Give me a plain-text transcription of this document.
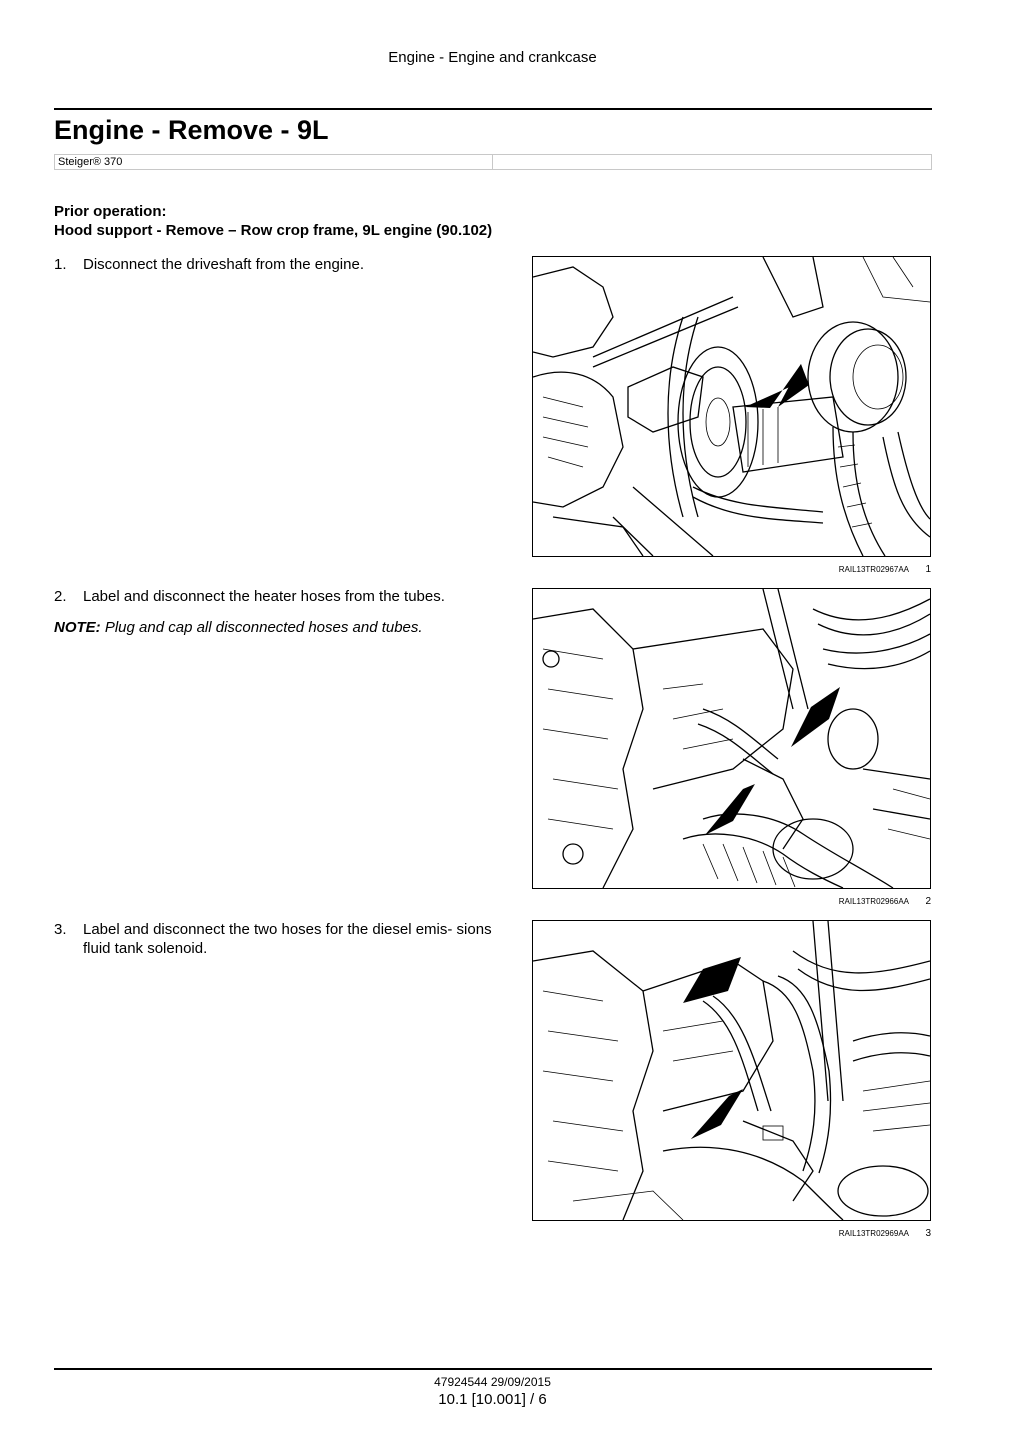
Engine - Engine and crankcase
Engine - Remove - 9L
Steiger® 370
Prior operation:
Hood support - Remove – Row crop frame, 9L engine (90.102)
1.	Disconnect the driveshaft from the engine.
RAIL13TR02967AA 1
2.	Label and disconnect the heater hoses from the tubes.
NOTE: Plug and cap all disconnected hoses and tubes.
RAIL13TR02966AA 2
3.	Label and disconnect the two hoses for the diesel emis- sions fluid tank solenoid.
RAIL13TR02969AA 3
47924544 29/09/2015
10.1 [10.001] / 6
